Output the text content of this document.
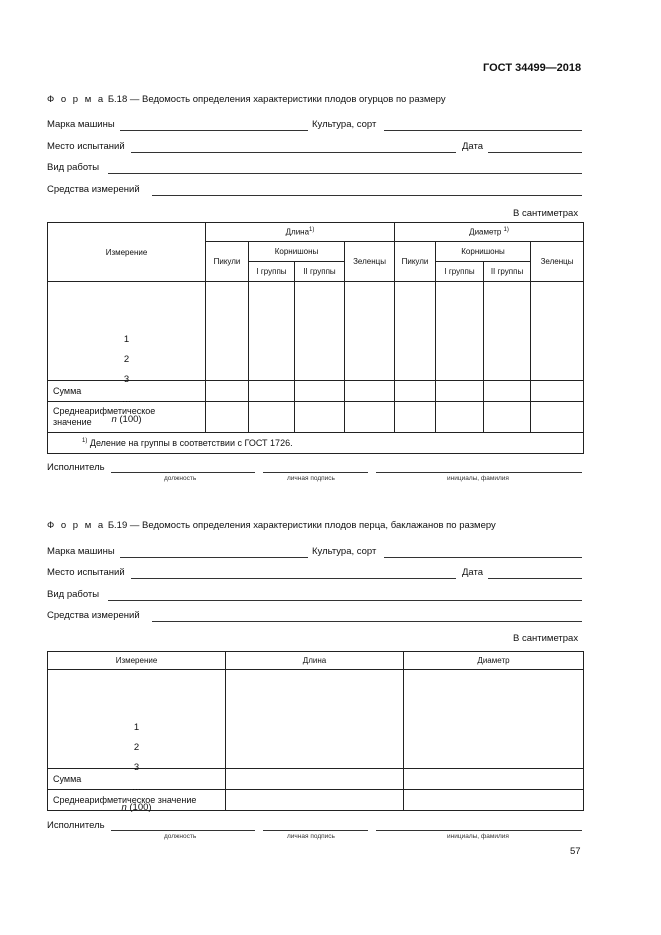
ГОСТ 34499—2018
Ф о р м а Б.18 — Ведомость определения характеристики плодов огурцов по размеру
Марка машины	Культура, сорт
Место испытаний	Дата
Вид работы
Средства измерений
В сантиметрах
Измерение	Длина$^{1)}$				Диаметр $^{1)}$
	Пикули	Корнишоны		Зеленцы	Пикули	Корнишоны		Зеленцы
		I группы	II группы			I группы	II группы	

1
2
3
…
n (100)								

Сумма								

Среднеарифметическое
значение								

$^{1)}$ Деление на группы в соответствии с ГОСТ 1726.								
Исполнитель
должность	личная подпись	инициалы, фамилия
Ф о р м а Б.19 — Ведомость определения характеристики плодов перца, баклажанов по размеру
Марка машины	Культура, сорт
Место испытаний	Дата
Вид работы
Средства измерений
В сантиметрах
Измерение	Длина	Диаметр

1
2
3
…
n (100)		

Сумма		
Среднеарифметическое значение		
Исполнитель
должность	личная подпись	инициалы, фамилия
57
